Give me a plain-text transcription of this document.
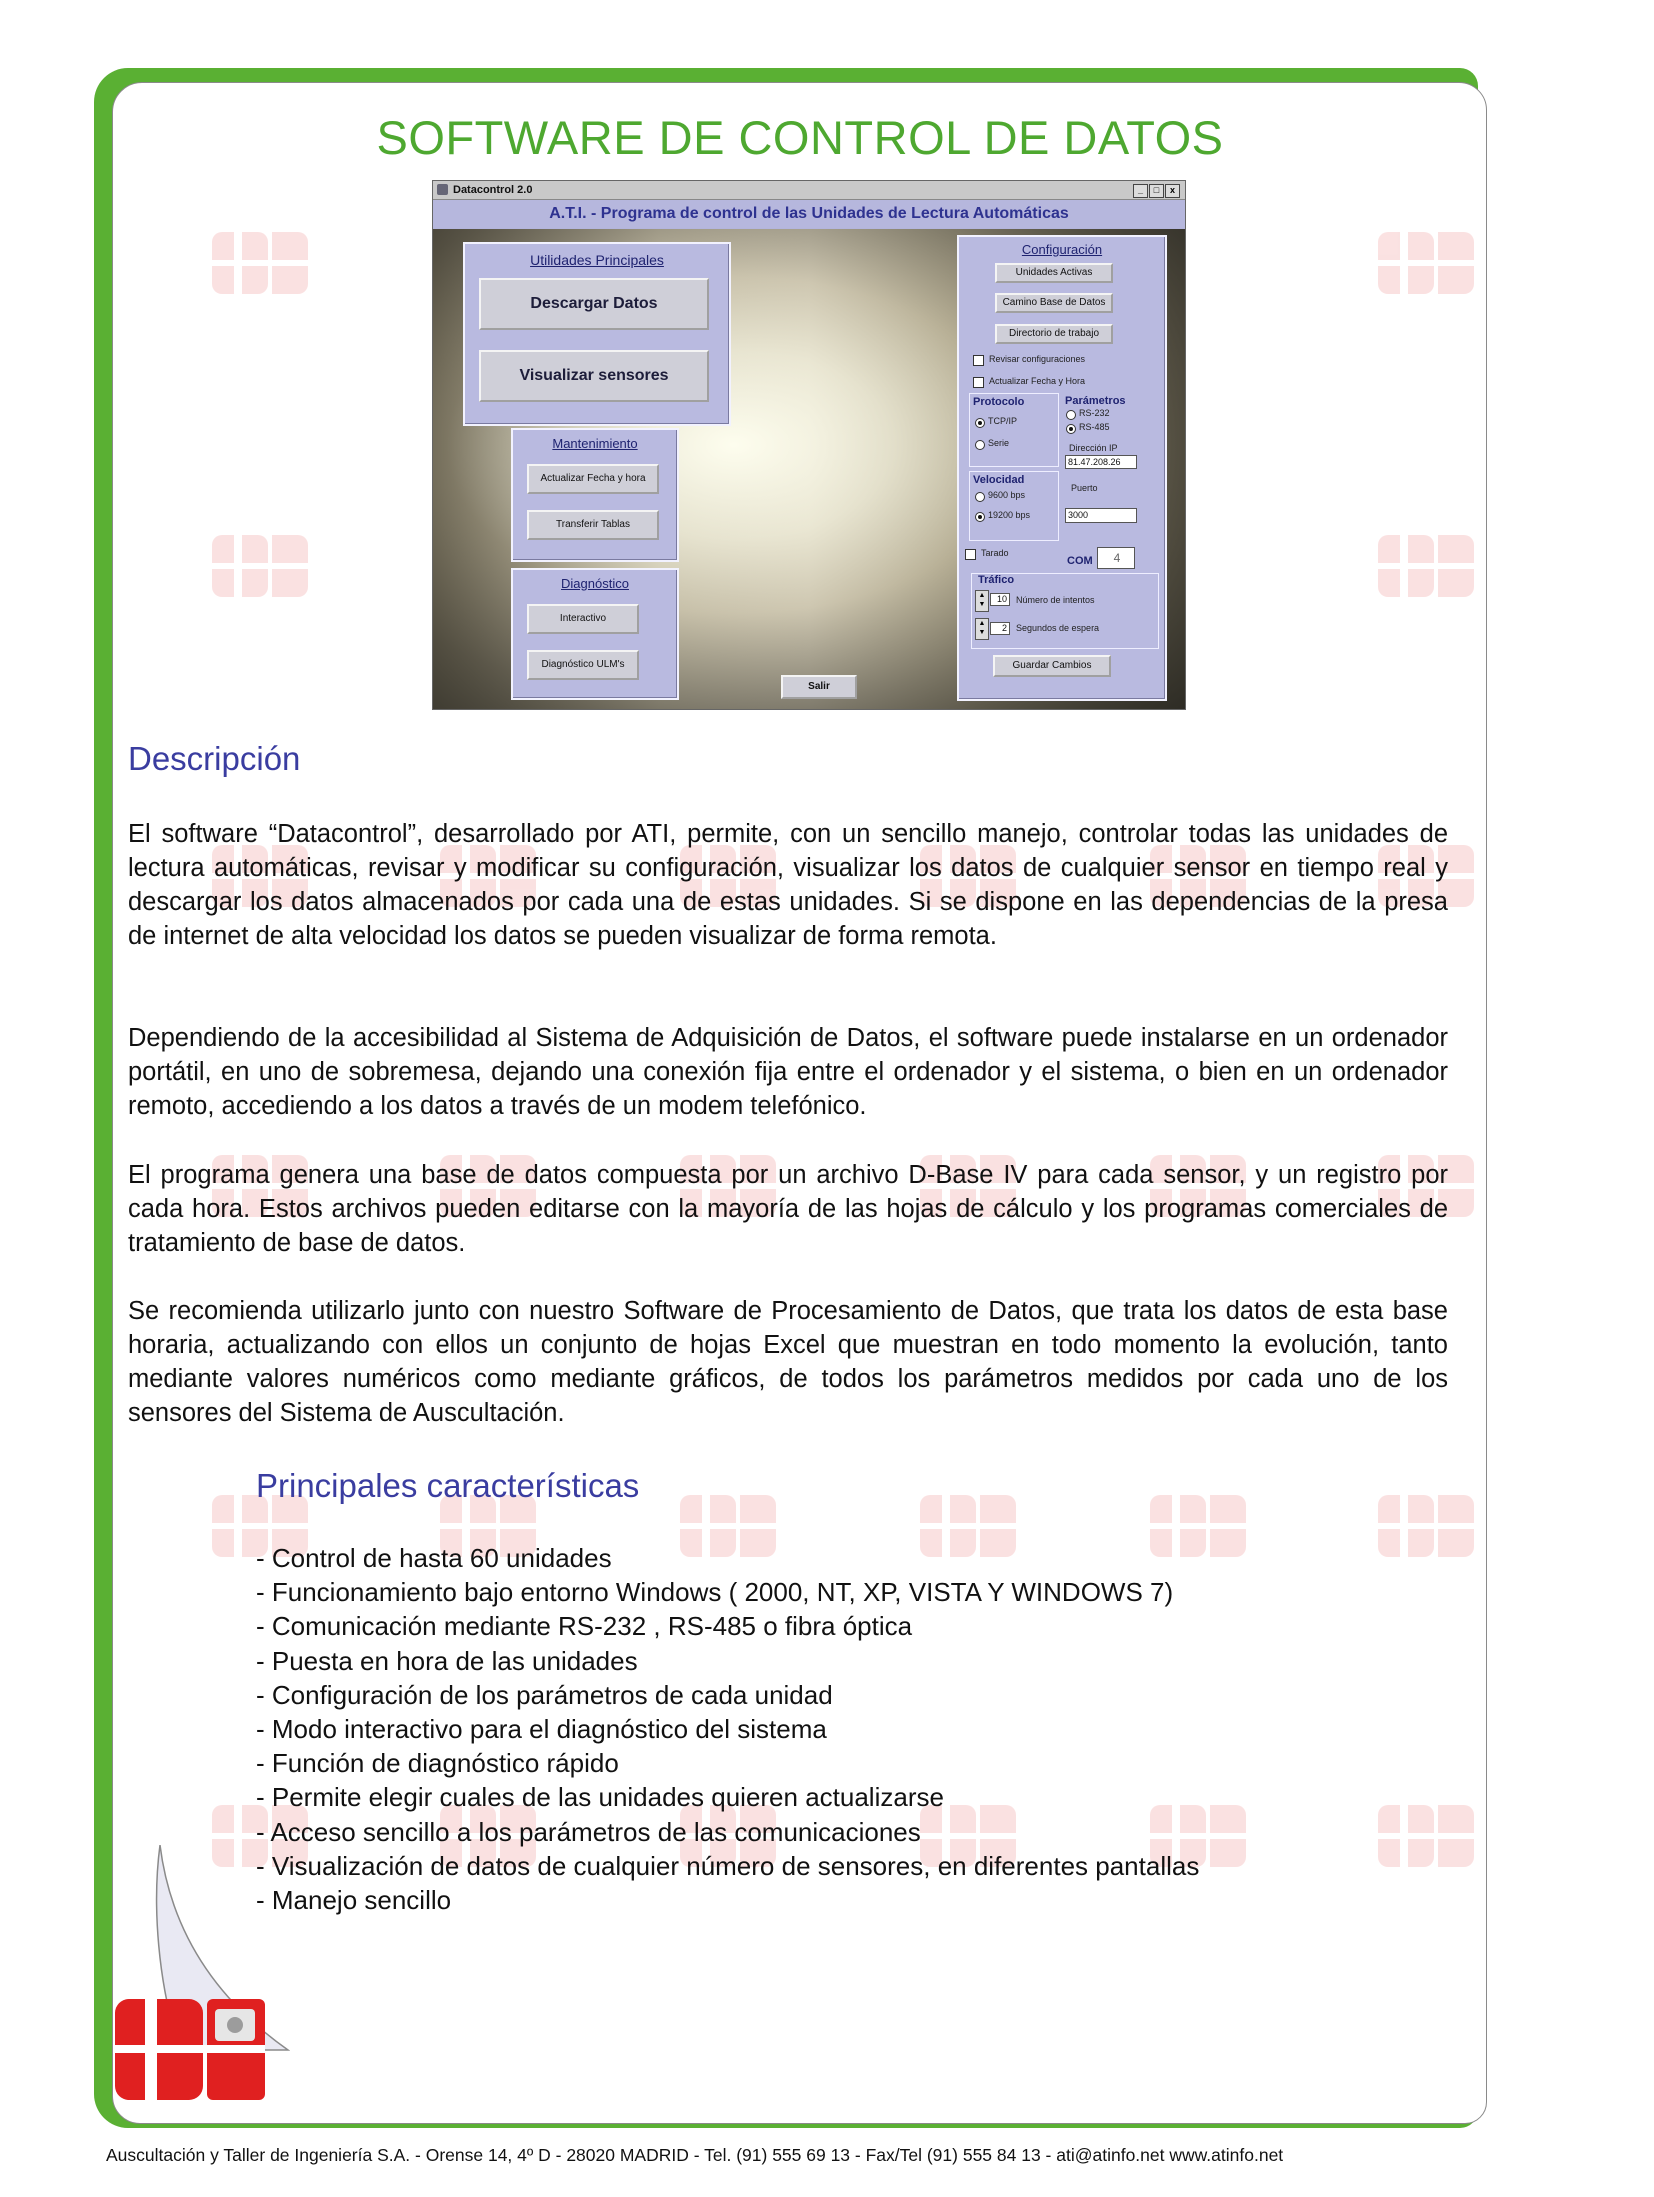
SOFTWARE DE CONTROL DE DATOS
Datacontrol 2.0	_	□	x
A.T.I. - Programa de control de las Unidades de Lectura Automáticas
Utilidades Principales
Descargar Datos
Visualizar sensores
Mantenimiento
Actualizar Fecha y hora
Transferir Tablas
Diagnóstico
Interactivo
Diagnóstico ULM's
Salir
Configuración
Unidades Activas
Camino Base de Datos
Directorio de trabajo
Revisar configuraciones
Actualizar Fecha y Hora
Protocolo
TCP/IP
Serie
Parámetros
RS-232
RS-485
Dirección IP
81.47.208.26
Puerto
3000
Velocidad
9600 bps
19200 bps
Tarado
COM	4
Tráfico
▲
▼
10	Número de intentos
▲
▼	2	Segundos de espera
Guardar Cambios
Descripción

El software “Datacontrol”, desarrollado por ATI, permite, con un sencillo manejo, controlar todas las unidades de lectura automáticas, revisar y modificar su configuración, visualizar los datos de cualquier sensor en tiempo real y descargar los datos almacenados por cada una de estas unidades. Si se dispone en las dependencias de la presa de internet de alta velocidad los datos se pueden visualizar de forma remota.

Dependiendo de la accesibilidad al Sistema de Adquisición de Datos, el software puede instalarse en un ordenador portátil, en uno de sobremesa, dejando una conexión fija entre el ordenador y el sistema, o bien en un ordenador remoto, accediendo a los datos a través de un modem telefónico.

El programa genera una base de datos compuesta por un archivo D-Base IV para cada sensor, y un registro por cada hora. Estos archivos pueden editarse con la mayoría de las hojas de cálculo y los programas comerciales de tratamiento de base de datos.

Se recomienda utilizarlo junto con nuestro Software de Procesamiento de Datos, que trata los datos de esta base horaria, actualizando con ellos un conjunto de hojas Excel que muestran en todo momento la evolución, tanto mediante valores numéricos como mediante gráficos, de todos los parámetros medidos por cada uno de los sensores del Sistema de Auscultación.

Principales características
- Control de hasta 60 unidades
- Funcionamiento bajo entorno Windows ( 2000, NT, XP, VISTA Y WINDOWS 7)
- Comunicación mediante RS-232 , RS-485 o fibra óptica
- Puesta en hora de las unidades
- Configuración de los parámetros de cada unidad
- Modo interactivo para el diagnóstico del sistema
- Función de diagnóstico rápido
- Permite elegir cuales de las unidades quieren actualizarse
- Acceso sencillo a los parámetros de las comunicaciones
- Visualización de datos de cualquier número de sensores, en diferentes pantallas
- Manejo sencillo
Auscultación y Taller de Ingeniería S.A. - Orense 14, 4º D - 28020 MADRID - Tel. (91) 555 69 13 - Fax/Tel (91) 555 84 13 - ati@atinfo.net www.atinfo.net
